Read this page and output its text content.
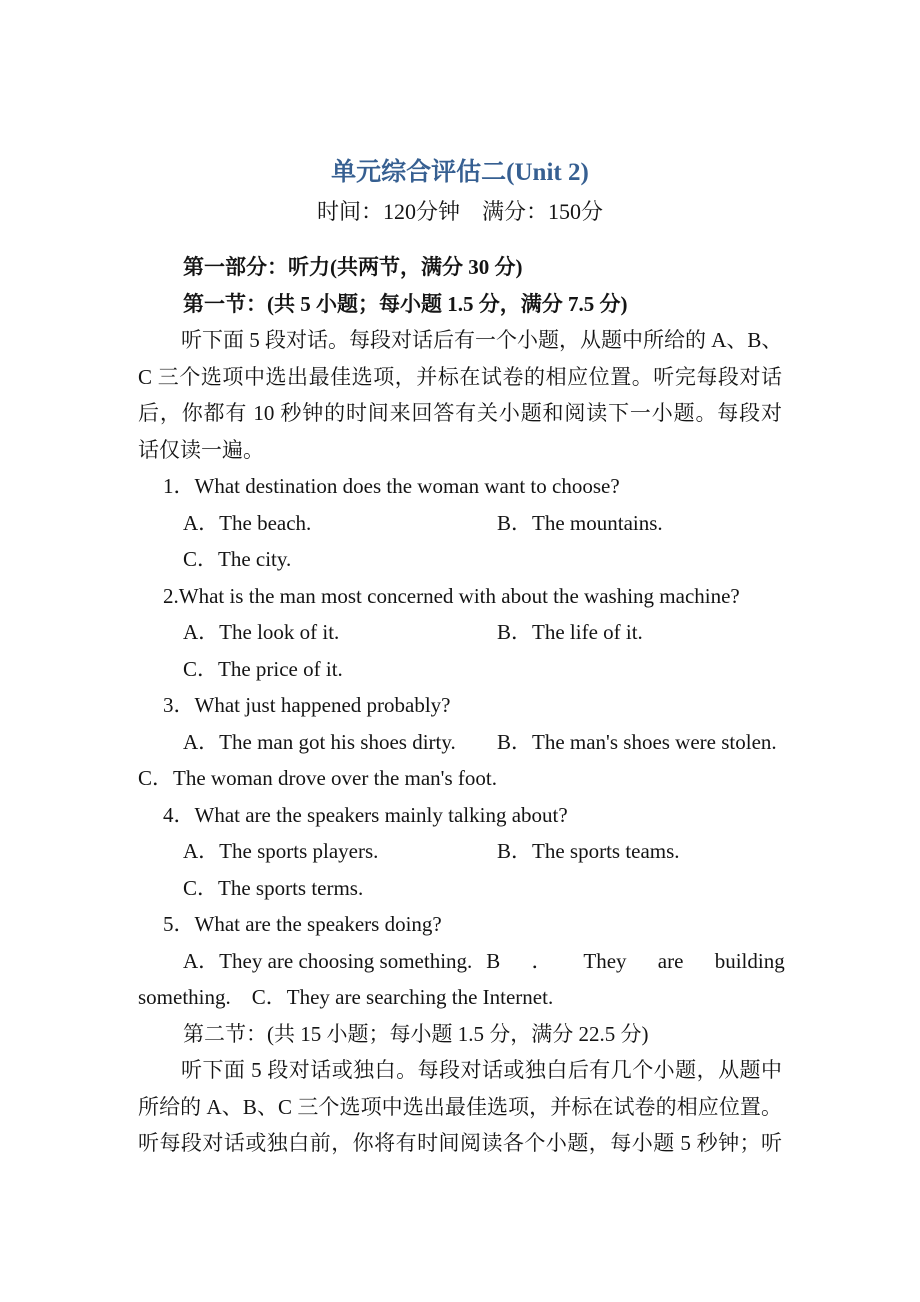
单元综合评估二(Unit 2)
时间：120分钟　满分：150分
第一部分：听力(共两节，满分 30 分)
第一节：(共 5 小题；每小题 1.5 分，满分 7.5 分)
听下面 5 段对话。每段对话后有一个小题，从题中所给的 A、B、
C 三个选项中选出最佳选项，并标在试卷的相应位置。听完每段对话
后，你都有 10 秒钟的时间来回答有关小题和阅读下一小题。每段对
话仅读一遍。
1．What destination does the woman want to choose?
A．The beach.	B．The mountains.
C．The city.
2.What is the man most concerned with about the washing machine?
A．The look of it.	B．The life of it.
C．The price of it.
3．What just happened probably?
A．The man got his shoes dirty. B．The man's shoes were stolen.
C．The woman drove over the man's foot.
4．What are the speakers mainly talking about?
A．The sports players.	B．The sports teams.
C．The sports terms.
5．What are the speakers doing?
A．They are choosing something. B ． They are building
something.　C．They are searching the Internet.
第二节：(共 15 小题；每小题 1.5 分，满分 22.5 分)
听下面 5 段对话或独白。每段对话或独白后有几个小题，从题中
所给的 A、B、C 三个选项中选出最佳选项，并标在试卷的相应位置。
听每段对话或独白前，你将有时间阅读各个小题，每小题 5 秒钟；听
